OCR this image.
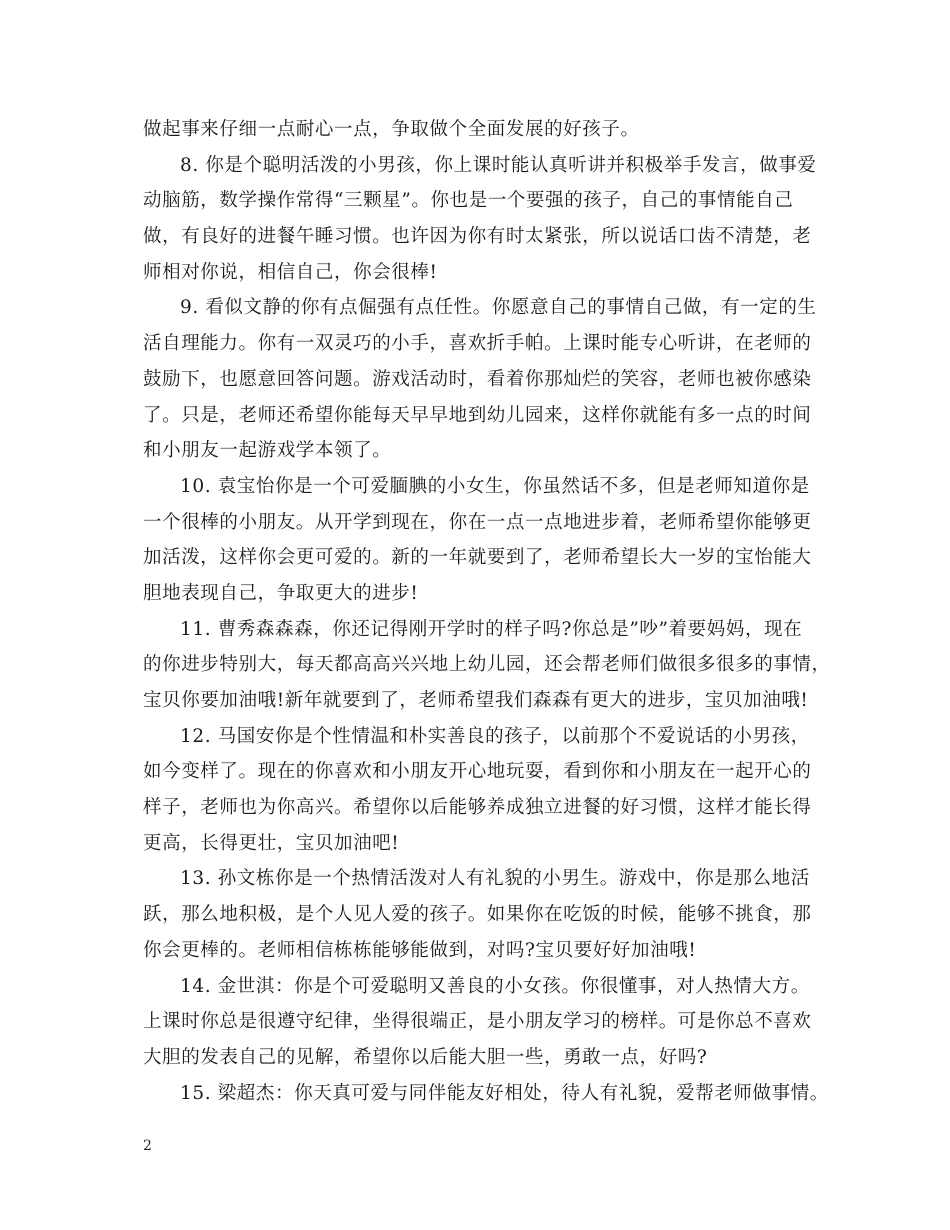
做起事来仔细一点耐心一点，争取做个全面发展的好孩子。
8. 你是个聪明活泼的小男孩，你上课时能认真听讲并积极举手发言，做事爱
动脑筋，数学操作常得“三颗星”。你也是一个要强的孩子，自己的事情能自己
做，有良好的进餐午睡习惯。也许因为你有时太紧张，所以说话口齿不清楚，老
师相对你说，相信自己，你会很棒!
9. 看似文静的你有点倔强有点任性。你愿意自己的事情自己做，有一定的生
活自理能力。你有一双灵巧的小手，喜欢折手帕。上课时能专心听讲，在老师的
鼓励下，也愿意回答问题。游戏活动时，看着你那灿烂的笑容，老师也被你感染
了。只是，老师还希望你能每天早早地到幼儿园来，这样你就能有多一点的时间
和小朋友一起游戏学本领了。
10. 袁宝怡你是一个可爱腼腆的小女生，你虽然话不多，但是老师知道你是
一个很棒的小朋友。从开学到现在，你在一点一点地进步着，老师希望你能够更
加活泼，这样你会更可爱的。新的一年就要到了，老师希望长大一岁的宝怡能大
胆地表现自己，争取更大的进步!
11. 曹秀森森森，你还记得刚开学时的样子吗?你总是”吵”着要妈妈，现在
的你进步特别大，每天都高高兴兴地上幼儿园，还会帮老师们做很多很多的事情，
宝贝你要加油哦!新年就要到了，老师希望我们森森有更大的进步，宝贝加油哦!
12. 马国安你是个性情温和朴实善良的孩子，以前那个不爱说话的小男孩，
如今变样了。现在的你喜欢和小朋友开心地玩耍，看到你和小朋友在一起开心的
样子，老师也为你高兴。希望你以后能够养成独立进餐的好习惯，这样才能长得
更高，长得更壮，宝贝加油吧!
13. 孙文栋你是一个热情活泼对人有礼貌的小男生。游戏中，你是那么地活
跃，那么地积极，是个人见人爱的孩子。如果你在吃饭的时候，能够不挑食，那
你会更棒的。老师相信栋栋能够能做到，对吗?宝贝要好好加油哦!
14. 金世淇：你是个可爱聪明又善良的小女孩。你很懂事，对人热情大方。
上课时你总是很遵守纪律，坐得很端正，是小朋友学习的榜样。可是你总不喜欢
大胆的发表自己的见解，希望你以后能大胆一些，勇敢一点，好吗?
15. 梁超杰：你天真可爱与同伴能友好相处，待人有礼貌，爱帮老师做事情。
2
